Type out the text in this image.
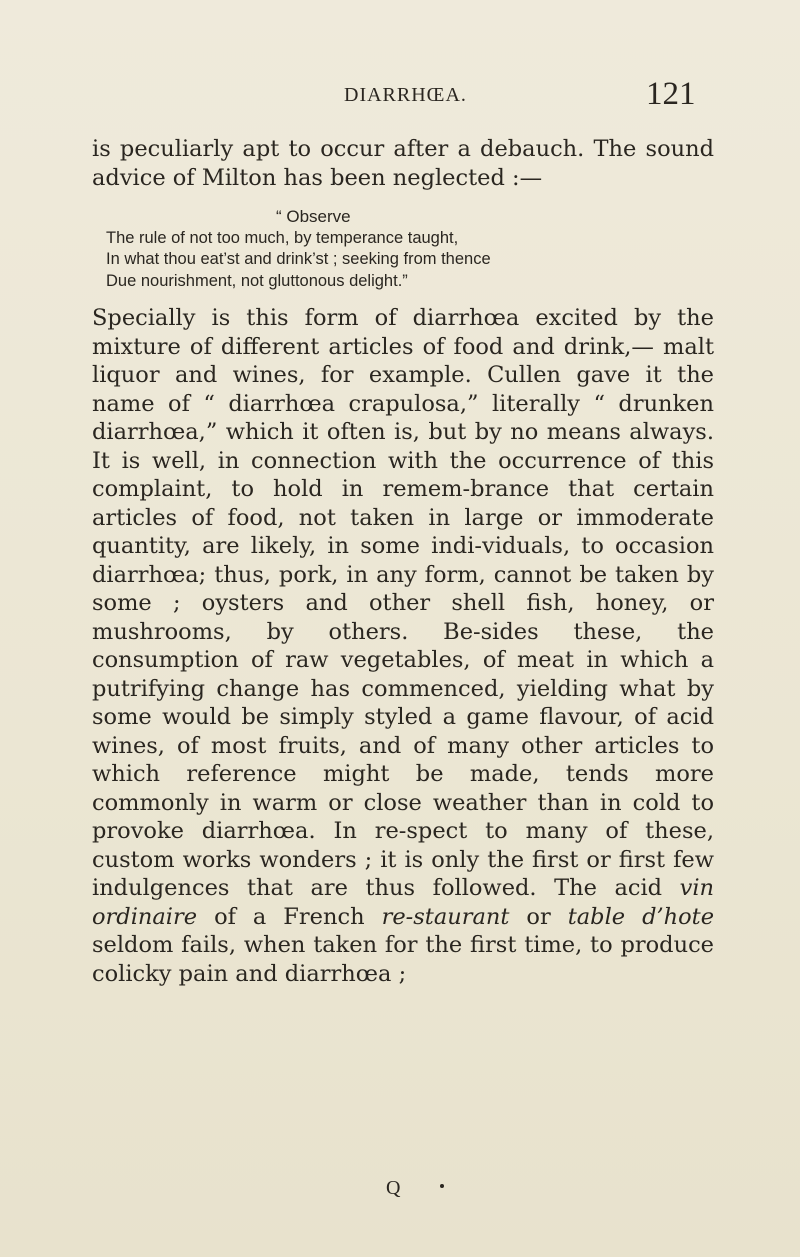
DIARRHŒA.	121

is peculiarly apt to occur after a debauch. The sound advice of Milton has been neglected :—

“ Observe
The rule of not too much, by temperance taught,
In what thou eat’st and drink’st ; seeking from thence
Due nourishment, not gluttonous delight.”

Specially is this form of diarrhœa excited by the mixture of different articles of food and drink,— malt liquor and wines, for example. Cullen gave it the name of “ diarrhœa crapulosa,” literally “ drunken diarrhœa,” which it often is, but by no means always. It is well, in connection with the occurrence of this complaint, to hold in remem-brance that certain articles of food, not taken in large or immoderate quantity, are likely, in some indi-viduals, to occasion diarrhœa; thus, pork, in any form, cannot be taken by some ; oysters and other shell fish, honey, or mushrooms, by others. Be-sides these, the consumption of raw vegetables, of meat in which a putrifying change has commenced, yielding what by some would be simply styled a game flavour, of acid wines, of most fruits, and of many other articles to which reference might be made, tends more commonly in warm or close weather than in cold to provoke diarrhœa. In re-spect to many of these, custom works wonders ; it is only the first or first few indulgences that are thus followed. The acid vin ordinaire of a French re-staurant or table d’hote seldom fails, when taken for the first time, to produce colicky pain and diarrhœa ;

Q
